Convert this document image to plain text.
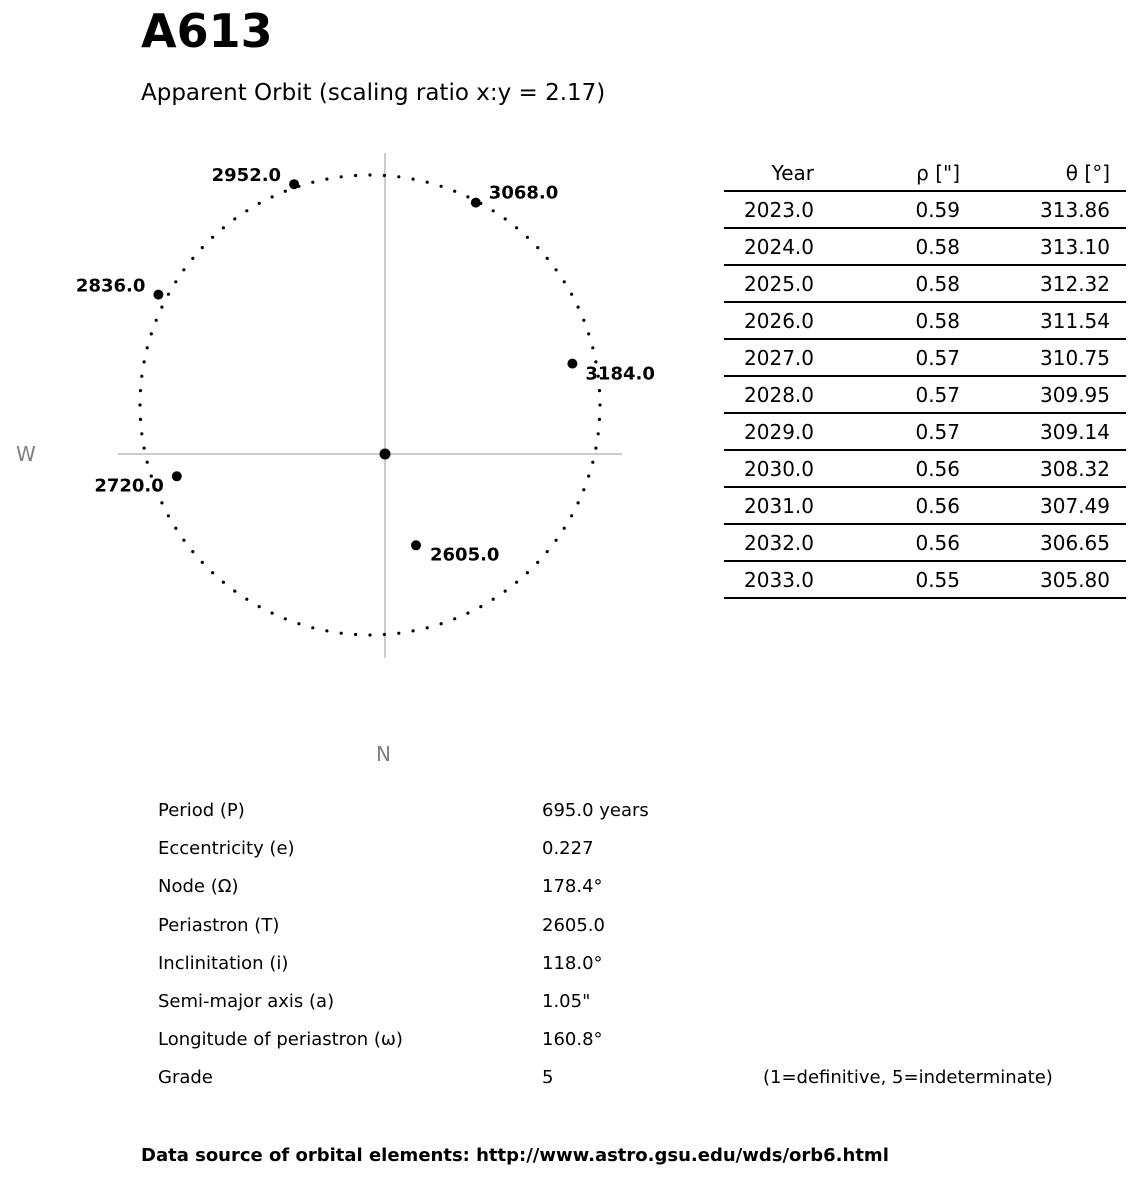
A613
Apparent Orbit (scaling ratio x:y = 2.17)
2605.0
3184.0
3068.0
2952.0
2836.0
2720.0
W
N
Year	ρ ["]	θ [°]	
2023.0	0.59	313.86	
2024.0	0.58	313.10	
2025.0	0.58	312.32	
2026.0	0.58	311.54	
2027.0	0.57	310.75	
2028.0	0.57	309.95	
2029.0	0.57	309.14	
2030.0	0.56	308.32	
2031.0	0.56	307.49	
2032.0	0.56	306.65	
2033.0	0.55	305.80	
Period (P)	695.0 years
Eccentricity (e)	0.227
Node (Ω)	178.4°
Periastron (T)	2605.0
Inclinitation (i)	118.0°
Semi-major axis (a)	1.05"
Longitude of periastron (ω)	160.8°
Grade	5	(1=definitive, 5=indeterminate)
Data source of orbital elements: http://www.astro.gsu.edu/wds/orb6.html
